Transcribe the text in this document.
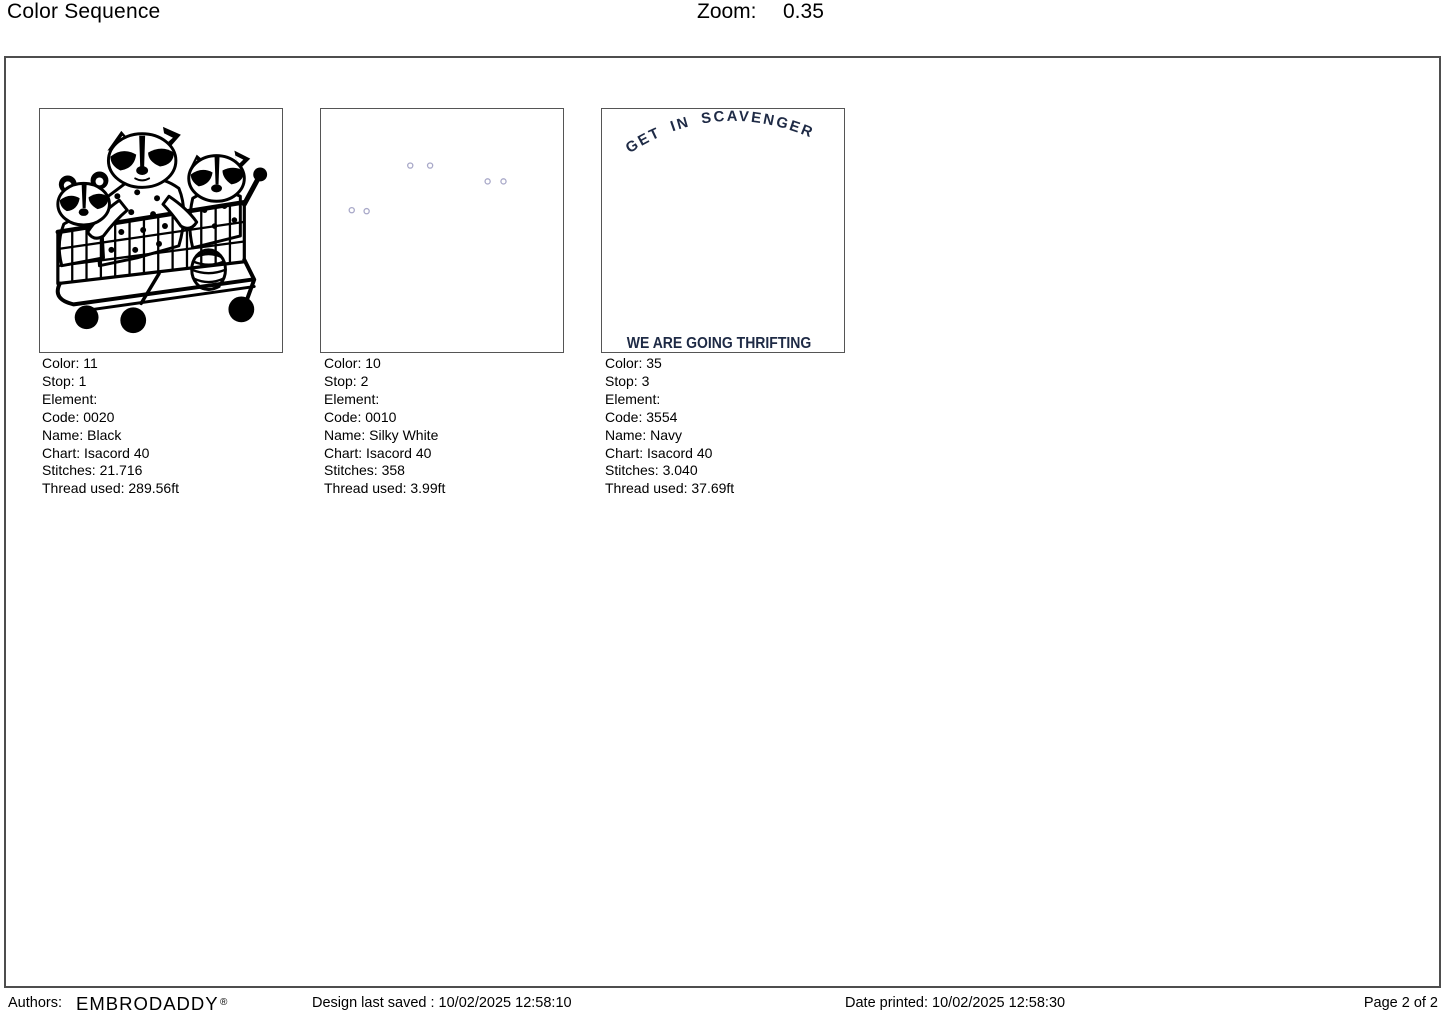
Color Sequence	Zoom: 0.35
GET IN SCAVENGER
WE ARE GOING THRIFTING
Color: 11
Stop: 1
Element:
Code: 0020
Name: Black
Chart: Isacord 40
Stitches: 21.716
Thread used: 289.56ft
Color: 10
Stop: 2
Element:
Code: 0010
Name: Silky White
Chart: Isacord 40
Stitches: 358
Thread used: 3.99ft
Color: 35
Stop: 3
Element:
Code: 3554
Name: Navy
Chart: Isacord 40
Stitches: 3.040
Thread used: 37.69ft
Authors: EMBRODADDY ®	Design last saved : 10/02/2025 12:58:10	Date printed: 10/02/2025 12:58:30	Page 2 of 2
